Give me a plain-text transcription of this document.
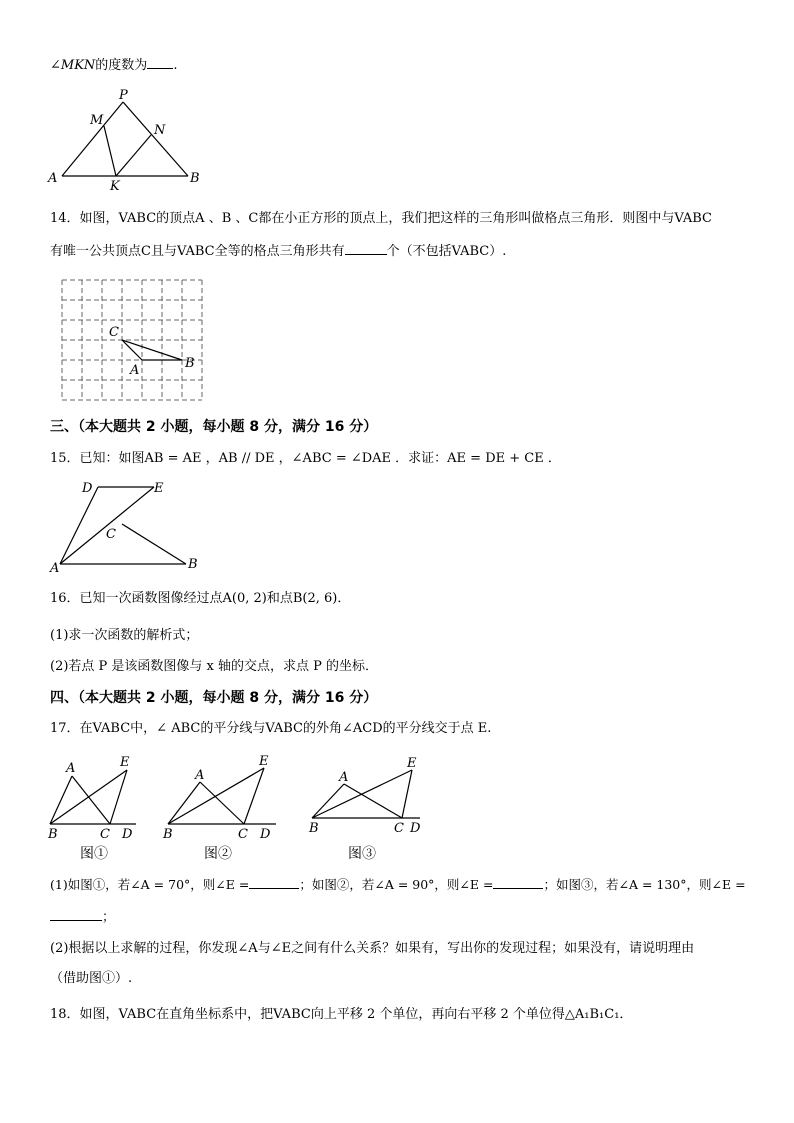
∠MKN的度数为 .
P
M
N
A
K
B
14．如图，VABC的顶点A 、B 、C都在小正方形的顶点上，我们把这样的三角形叫做格点三角形．则图中与VABC
有唯一公共顶点C且与VABC全等的格点三角形共有	个（不包括VABC）.
C
A	B
三、（本大题共 2 小题，每小题 8 分，满分 16 分）
15．已知：如图AB = AE ，AB // DE ，∠ABC = ∠DAE ．求证：AE = DE + CE ．
D	E
C
A	B
16．已知一次函数图像经过点A(0, 2)和点B(2, 6)．
(1)求一次函数的解析式；
(2)若点 P 是该函数图像与 x 轴的交点，求点 P 的坐标．
四、（本大题共 2 小题，每小题 8 分，满分 16 分）
17．在VABC中，∠ ABC的平分线与VABC的外角∠ACD的平分线交于点 E.
A	E
B	C D
图①
A
E
B	C D
图②
A
E
B	C D
图③
(1)如图①，若∠A = 70°，则∠E =	；如图②，若∠A = 90°，则∠E =	；如图③，若∠A = 130°，则∠E =
；
(2)根据以上求解的过程，你发现∠A与∠E之间有什么关系？如果有，写出你的发现过程；如果没有，请说明理由
（借助图①）.
18．如图，VABC在直角坐标系中，把VABC向上平移 2 个单位，再向右平移 2 个单位得△A₁B₁C₁．
